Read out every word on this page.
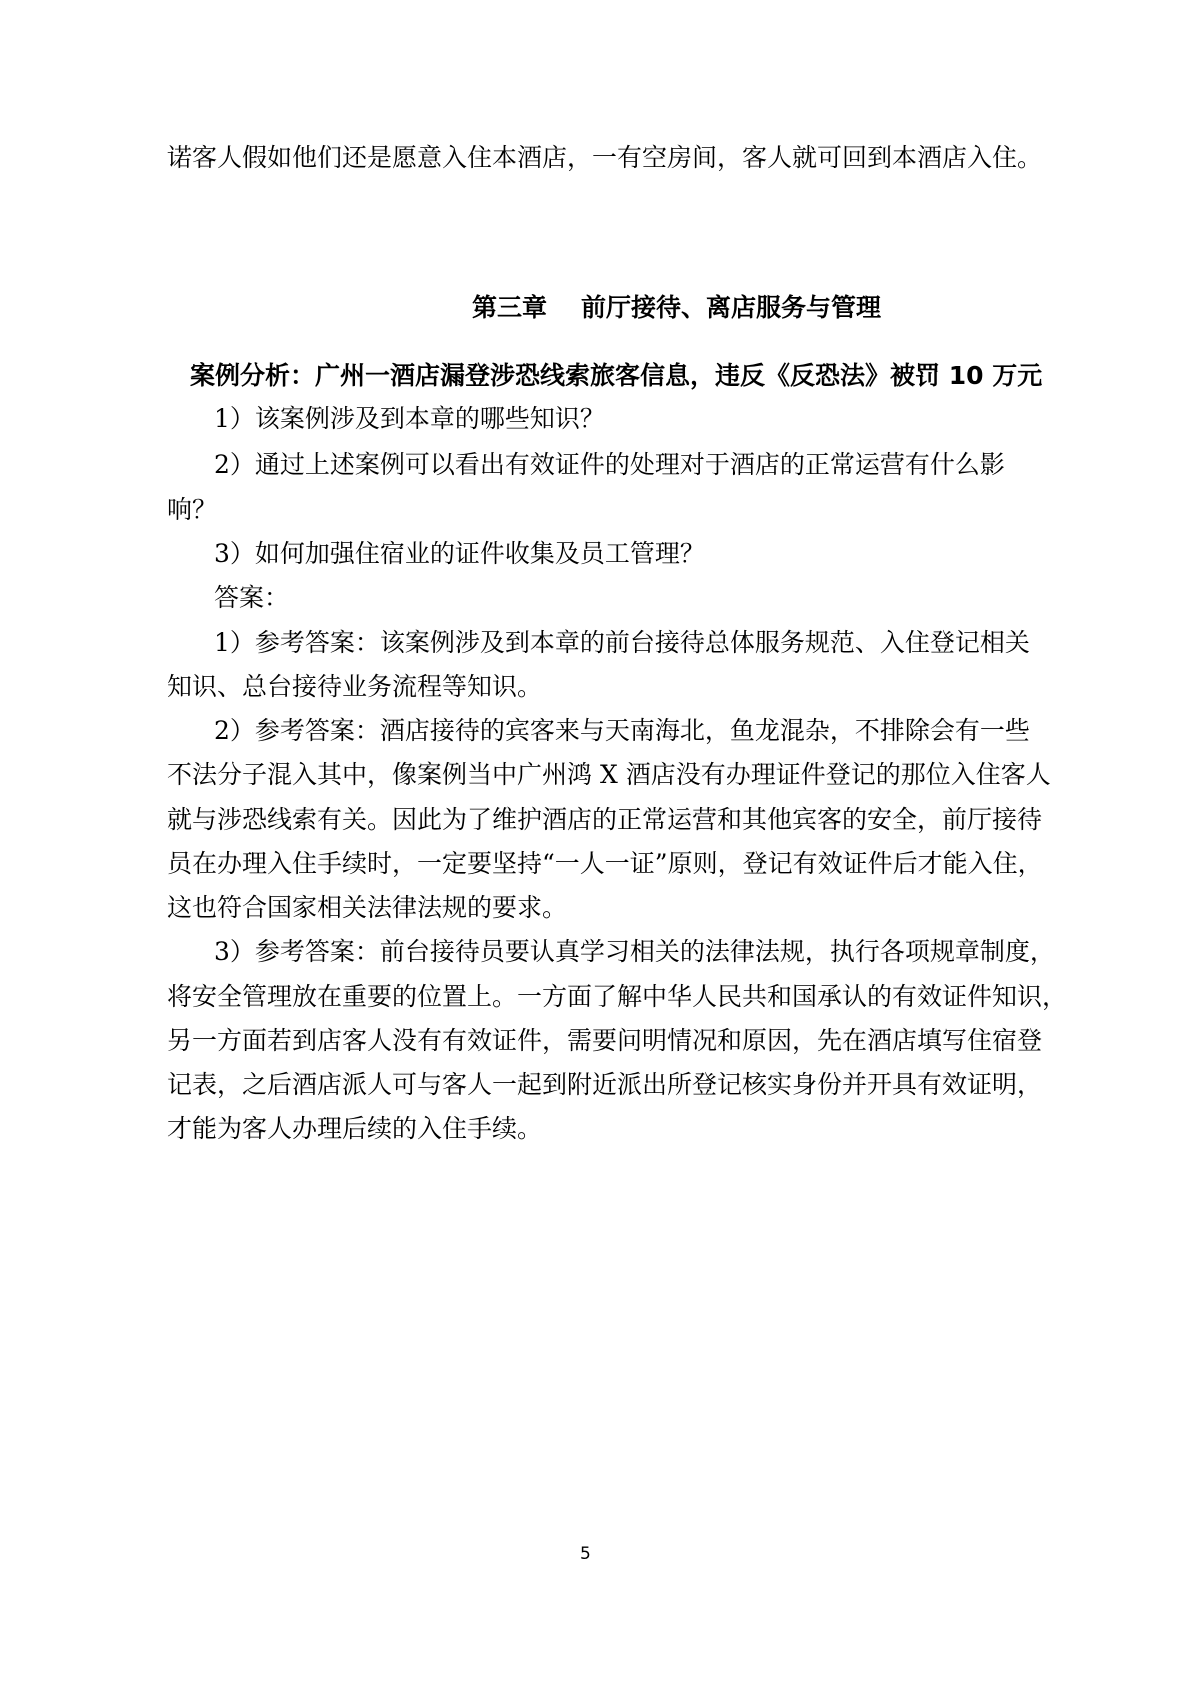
诺客人假如他们还是愿意入住本酒店，一有空房间，客人就可回到本酒店入住。
第三章 前厅接待、离店服务与管理
案例分析：广州一酒店漏登涉恐线索旅客信息，违反《反恐法》被罚 10 万元
1）该案例涉及到本章的哪些知识？
2）通过上述案例可以看出有效证件的处理对于酒店的正常运营有什么影
响？
3）如何加强住宿业的证件收集及员工管理？
答案：
1）参考答案：该案例涉及到本章的前台接待总体服务规范、入住登记相关
知识、总台接待业务流程等知识。
2）参考答案：酒店接待的宾客来与天南海北，鱼龙混杂，不排除会有一些
不法分子混入其中，像案例当中广州鸿 X 酒店没有办理证件登记的那位入住客人
就与涉恐线索有关。因此为了维护酒店的正常运营和其他宾客的安全，前厅接待
员在办理入住手续时，一定要坚持“一人一证”原则，登记有效证件后才能入住，
这也符合国家相关法律法规的要求。
3）参考答案：前台接待员要认真学习相关的法律法规，执行各项规章制度，
将安全管理放在重要的位置上。一方面了解中华人民共和国承认的有效证件知识，
另一方面若到店客人没有有效证件，需要问明情况和原因，先在酒店填写住宿登
记表，之后酒店派人可与客人一起到附近派出所登记核实身份并开具有效证明，
才能为客人办理后续的入住手续。
5
